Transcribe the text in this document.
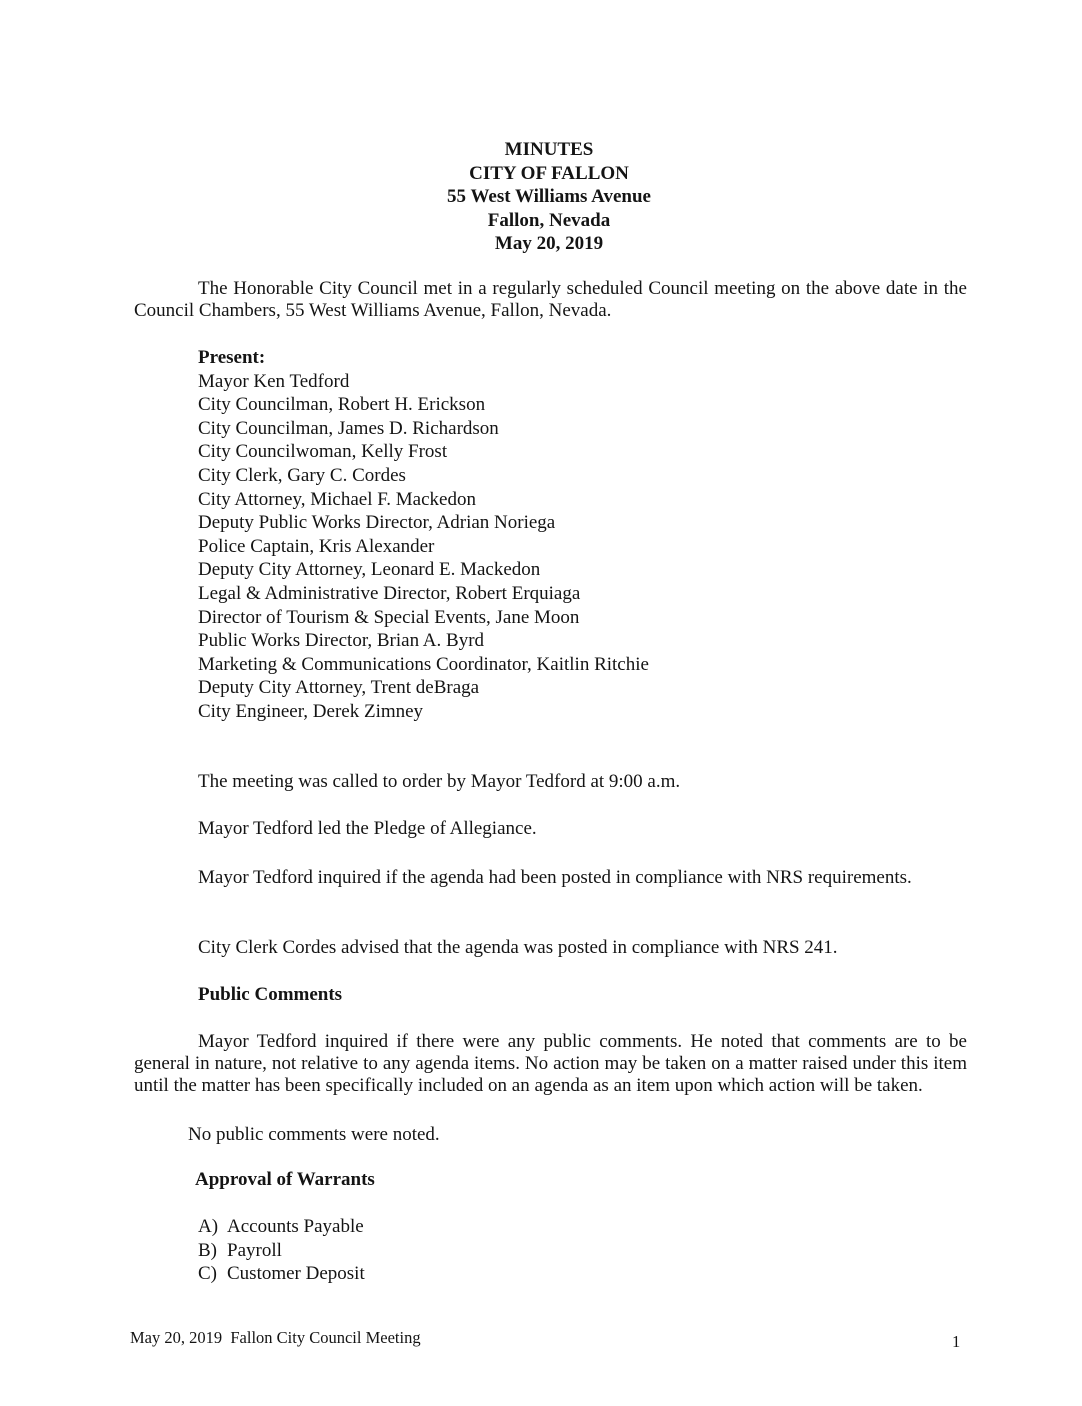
MINUTES
CITY OF FALLON
55 West Williams Avenue
Fallon, Nevada
May 20, 2019
The Honorable City Council met in a regularly scheduled Council meeting on the above date in the Council Chambers, 55 West Williams Avenue, Fallon, Nevada.
Present:
Mayor Ken Tedford
City Councilman, Robert H. Erickson
City Councilman, James D. Richardson
City Councilwoman, Kelly Frost
City Clerk, Gary C. Cordes
City Attorney, Michael F. Mackedon
Deputy Public Works Director, Adrian Noriega
Police Captain, Kris Alexander
Deputy City Attorney, Leonard E. Mackedon
Legal & Administrative Director, Robert Erquiaga
Director of Tourism & Special Events, Jane Moon
Public Works Director, Brian A. Byrd
Marketing & Communications Coordinator, Kaitlin Ritchie
Deputy City Attorney, Trent deBraga
City Engineer, Derek Zimney
The meeting was called to order by Mayor Tedford at 9:00 a.m.
Mayor Tedford led the Pledge of Allegiance.
Mayor Tedford inquired if the agenda had been posted in compliance with NRS requirements.
City Clerk Cordes advised that the agenda was posted in compliance with NRS 241.
Public Comments
Mayor Tedford inquired if there were any public comments. He noted that comments are to be general in nature, not relative to any agenda items. No action may be taken on a matter raised under this item until the matter has been specifically included on an agenda as an item upon which action will be taken.
No public comments were noted.
Approval of Warrants
A) Accounts Payable
B) Payroll
C) Customer Deposit
May 20, 2019  Fallon City Council Meeting	1
